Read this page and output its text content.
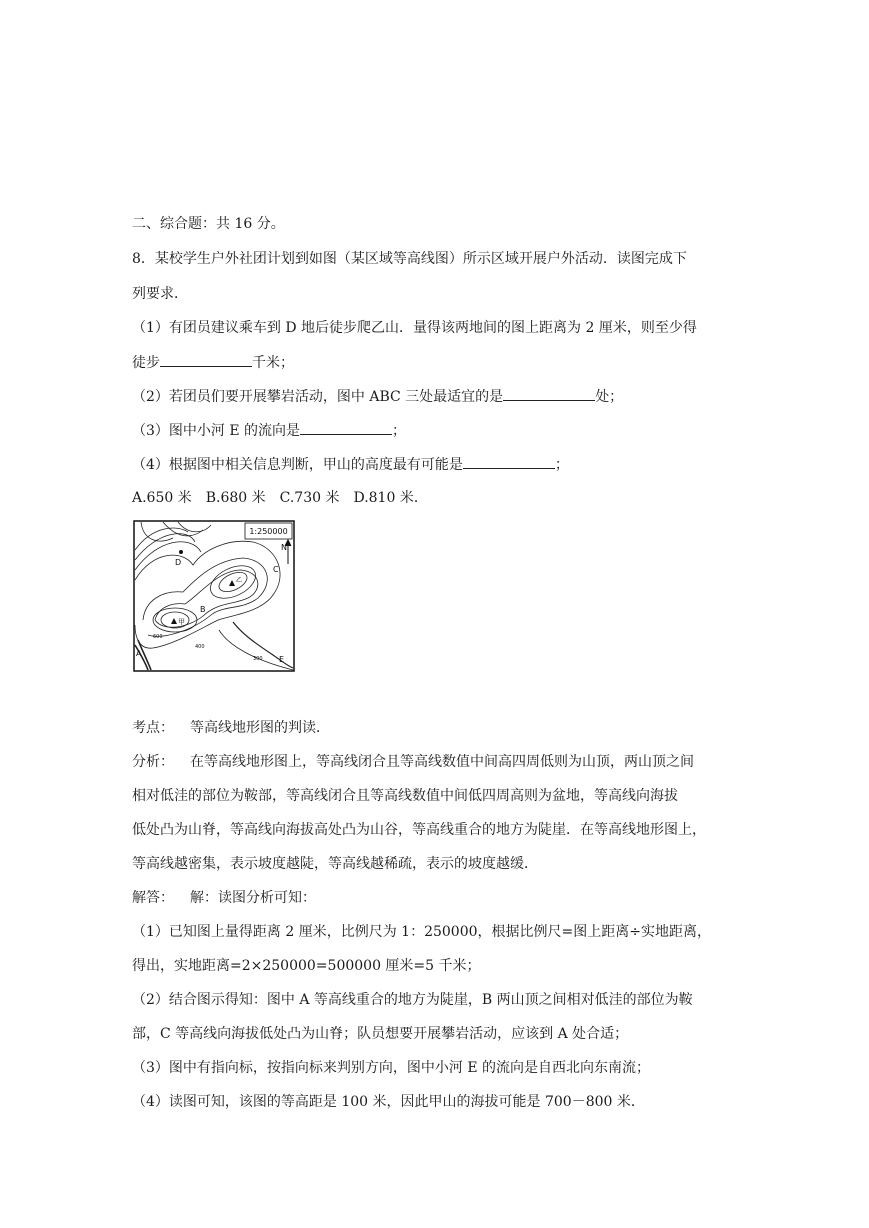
二、综合题：共 16 分。
8．某校学生户外社团计划到如图（某区域等高线图）所示区域开展户外活动．读图完成下
列要求．
（1）有团员建议乘车到 D 地后徒步爬乙山．量得该两地间的图上距离为 2 厘米，则至少得
徒步	千米；
（2）若团员们要开展攀岩活动，图中 ABC 三处最适宜的是	处；
（3）图中小河 E 的流向是	；
（4）根据图中相关信息判断，甲山的高度最有可能是	；
A.650 米　B.680 米　C.730 米　D.810 米．
1:250000
N
D
C
B
A
E
甲
乙
600
400
300
考点： 等高线地形图的判读．
分析： 在等高线地形图上，等高线闭合且等高线数值中间高四周低则为山顶，两山顶之间
相对低洼的部位为鞍部，等高线闭合且等高线数值中间低四周高则为盆地，等高线向海拔
低处凸为山脊，等高线向海拔高处凸为山谷，等高线重合的地方为陡崖．在等高线地形图上，
等高线越密集，表示坡度越陡，等高线越稀疏，表示的坡度越缓．
解答： 解：读图分析可知：
（1）已知图上量得距离 2 厘米，比例尺为 1：250000，根据比例尺=图上距离÷实地距离，
得出，实地距离=2×250000=500000 厘米=5 千米；
（2）结合图示得知：图中 A 等高线重合的地方为陡崖，B 两山顶之间相对低洼的部位为鞍
部，C 等高线向海拔低处凸为山脊；队员想要开展攀岩活动，应该到 A 处合适；
（3）图中有指向标，按指向标来判别方向，图中小河 E 的流向是自西北向东南流；
（4）读图可知，该图的等高距是 100 米，因此甲山的海拔可能是 700－800 米．
